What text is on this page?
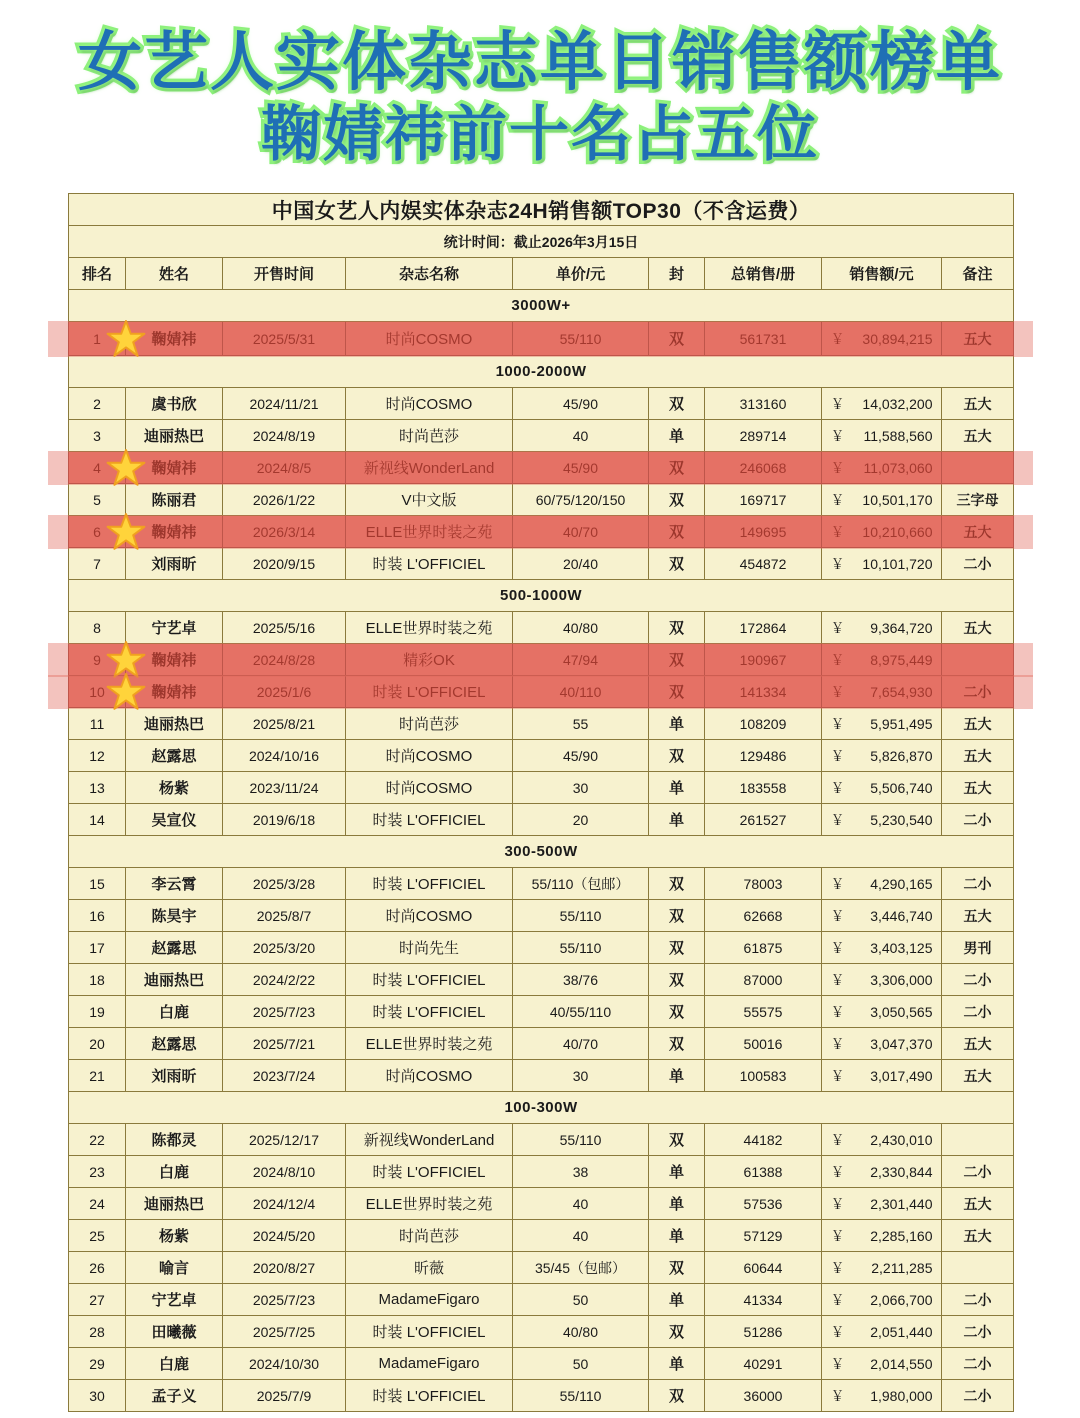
女艺人实体杂志单日销售额榜单
鞠婧祎前十名占五位
中国女艺人内娱实体杂志24H销售额TOP30（不含运费）								
统计时间：截止2026年3月15日								
排名	姓名	开售时间	杂志名称	单价/元	封	总销售/册	销售额/元	备注
3000W+								
1	鞠婧祎	2025/5/31	时尚COSMO	55/110	双	561731	￥ 30,894,215	五大
1000-2000W								
2	虞书欣	2024/11/21	时尚COSMO	45/90	双	313160	￥ 14,032,200	五大
3	迪丽热巴	2024/8/19	时尚芭莎	40	单	289714	￥ 11,588,560	五大
4	鞠婧祎	2024/8/5	新视线WonderLand	45/90	双	246068	￥ 11,073,060	

5	陈丽君	2026/1/22	V中文版	60/75/120/150	双	169717	￥ 10,501,170	三字母
6	鞠婧祎	2026/3/14	ELLE世界时装之苑	40/70	双	149695	￥ 10,210,660	五大
7	刘雨昕	2020/9/15	时装 L'OFFICIEL	20/40	双	454872	￥ 10,101,720	二小
500-1000W								
8	宁艺卓	2025/5/16	ELLE世界时装之苑	40/80	双	172864	￥ 9,364,720	五大
9	鞠婧祎	2024/8/28	精彩OK	47/94	双	190967	￥ 8,975,449	

10	鞠婧祎	2025/1/6	时装 L'OFFICIEL	40/110	双	141334	￥ 7,654,930	二小
11	迪丽热巴	2025/8/21	时尚芭莎	55	单	108209	￥ 5,951,495	五大
12	赵露思	2024/10/16	时尚COSMO	45/90	双	129486	￥ 5,826,870	五大
13	杨紫	2023/11/24	时尚COSMO	30	单	183558	￥ 5,506,740	五大
14	吴宣仪	2019/6/18	时装 L'OFFICIEL	20	单	261527	￥ 5,230,540	二小
300-500W								
15	李云霄	2025/3/28	时装 L'OFFICIEL	55/110（包邮）	双	78003	￥ 4,290,165	二小
16	陈昊宇	2025/8/7	时尚COSMO	55/110	双	62668	￥ 3,446,740	五大
17	赵露思	2025/3/20	时尚先生	55/110	双	61875	￥ 3,403,125	男刊
18	迪丽热巴	2024/2/22	时装 L'OFFICIEL	38/76	双	87000	￥ 3,306,000	二小
19	白鹿	2025/7/23	时装 L'OFFICIEL	40/55/110	双	55575	￥ 3,050,565	二小
20	赵露思	2025/7/21	ELLE世界时装之苑	40/70	双	50016	￥ 3,047,370	五大
21	刘雨昕	2023/7/24	时尚COSMO	30	单	100583	￥ 3,017,490	五大
100-300W								
22	陈都灵	2025/12/17	新视线WonderLand	55/110	双	44182	￥ 2,430,010	

23	白鹿	2024/8/10	时装 L'OFFICIEL	38	单	61388	￥ 2,330,844	二小
24	迪丽热巴	2024/12/4	ELLE世界时装之苑	40	单	57536	￥ 2,301,440	五大
25	杨紫	2024/5/20	时尚芭莎	40	单	57129	￥ 2,285,160	五大
26	喻言	2020/8/27	昕薇	35/45（包邮）	双	60644	￥ 2,211,285	

27	宁艺卓	2025/7/23	MadameFigaro	50	单	41334	￥ 2,066,700	二小
28	田曦薇	2025/7/25	时装 L'OFFICIEL	40/80	双	51286	￥ 2,051,440	二小
29	白鹿	2024/10/30	MadameFigaro	50	单	40291	￥ 2,014,550	二小
30	孟子义	2025/7/9	时装 L'OFFICIEL	55/110	双	36000	￥ 1,980,000	二小
